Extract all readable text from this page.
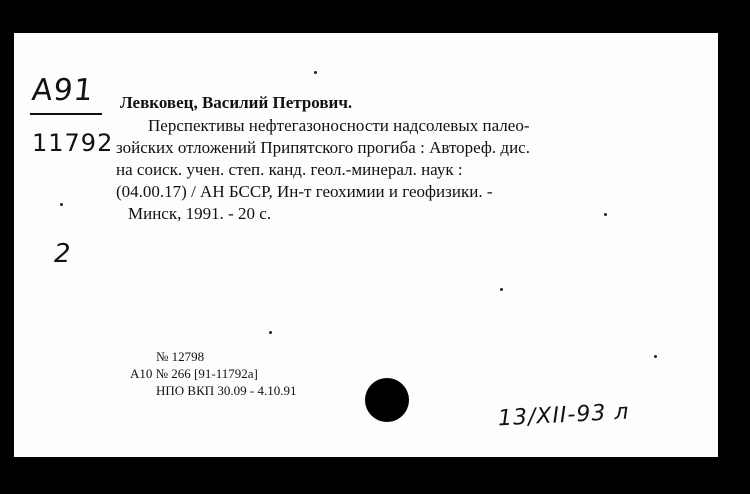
A91
11792
2
Левковец, Василий Петрович.
Перспективы нефтегазоносности надсолевых палео-
зойских отложений Припятского прогиба : Автореф. дис.
на соиск. учен. степ. канд. геол.-минерал. наук :
(04.00.17) / АН БССР, Ин-т геохимии и геофизики. -
Минск, 1991. - 20 с.
№ 12798
А10 № 266 [91-11792а]
НПО ВКП 30.09 - 4.10.91
13/XII-93 л
